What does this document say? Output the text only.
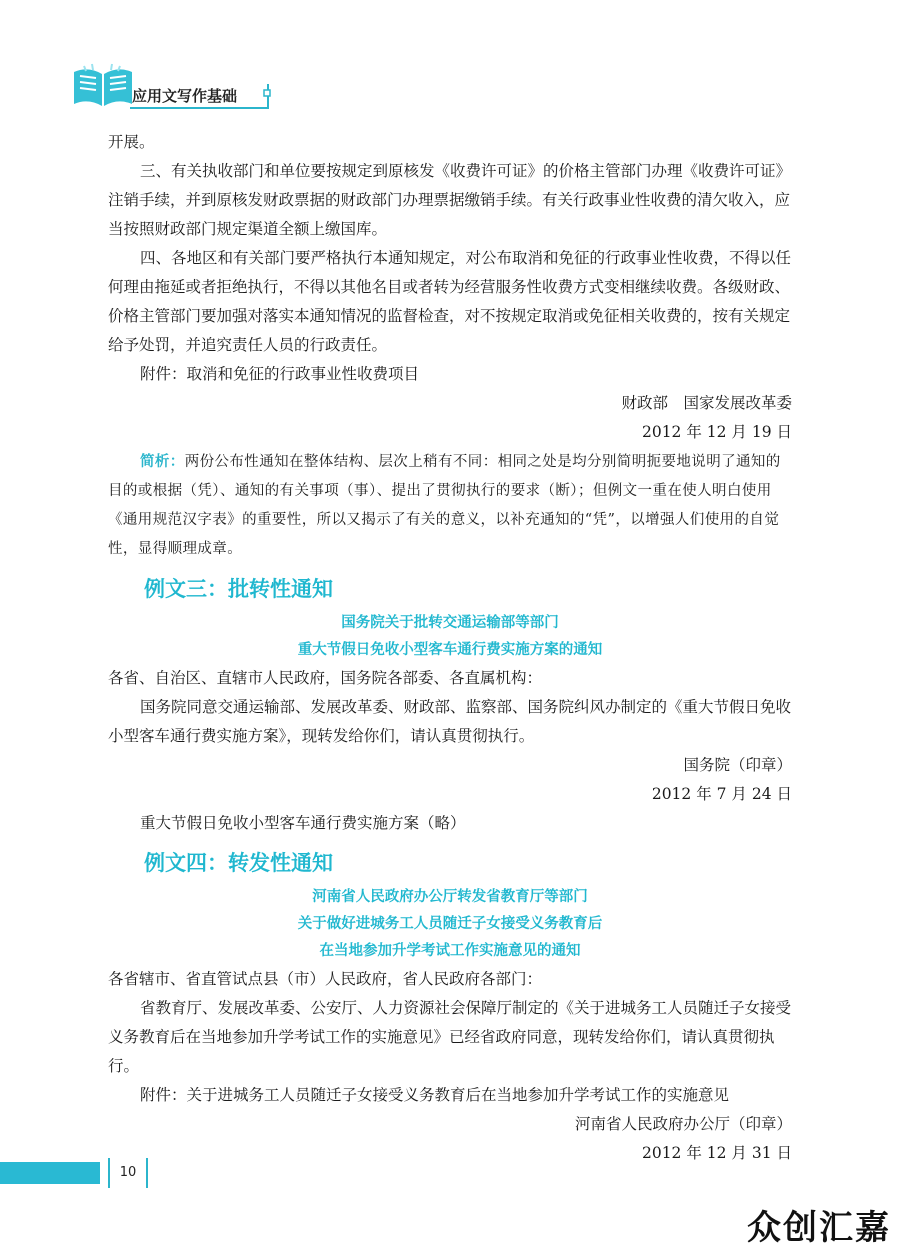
应用文写作基础
开展。

三、有关执收部门和单位要按规定到原核发《收费许可证》的价格主管部门办理《收费许可证》注销手续，并到原核发财政票据的财政部门办理票据缴销手续。有关行政事业性收费的清欠收入，应当按照财政部门规定渠道全额上缴国库。

四、各地区和有关部门要严格执行本通知规定，对公布取消和免征的行政事业性收费，不得以任何理由拖延或者拒绝执行，不得以其他名目或者转为经营服务性收费方式变相继续收费。各级财政、价格主管部门要加强对落实本通知情况的监督检查，对不按规定取消或免征相关收费的，按有关规定给予处罚，并追究责任人员的行政责任。

附件：取消和免征的行政事业性收费项目
财政部　国家发展改革委
2012 年 12 月 19 日

简析：两份公布性通知在整体结构、层次上稍有不同：相同之处是均分别简明扼要地说明了通知的目的或根据（凭）、通知的有关事项（事）、提出了贯彻执行的要求（断）；但例文一重在使人明白使用《通用规范汉字表》的重要性，所以又揭示了有关的意义，以补充通知的“凭”，以增强人们使用的自觉性，显得顺理成章。

例文三：批转性通知
国务院关于批转交通运输部等部门
重大节假日免收小型客车通行费实施方案的通知
各省、自治区、直辖市人民政府，国务院各部委、各直属机构：

国务院同意交通运输部、发展改革委、财政部、监察部、国务院纠风办制定的《重大节假日免收小型客车通行费实施方案》，现转发给你们，请认真贯彻执行。

国务院（印章）
2012 年 7 月 24 日
重大节假日免收小型客车通行费实施方案（略）
例文四：转发性通知
河南省人民政府办公厅转发省教育厅等部门
关于做好进城务工人员随迁子女接受义务教育后
在当地参加升学考试工作实施意见的通知
各省辖市、省直管试点县（市）人民政府，省人民政府各部门：

省教育厅、发展改革委、公安厅、人力资源社会保障厅制定的《关于进城务工人员随迁子女接受义务教育后在当地参加升学考试工作的实施意见》已经省政府同意，现转发给你们，请认真贯彻执行。

附件：关于进城务工人员随迁子女接受义务教育后在当地参加升学考试工作的实施意见

河南省人民政府办公厅（印章）
2012 年 12 月 31 日
10
众创汇嘉
